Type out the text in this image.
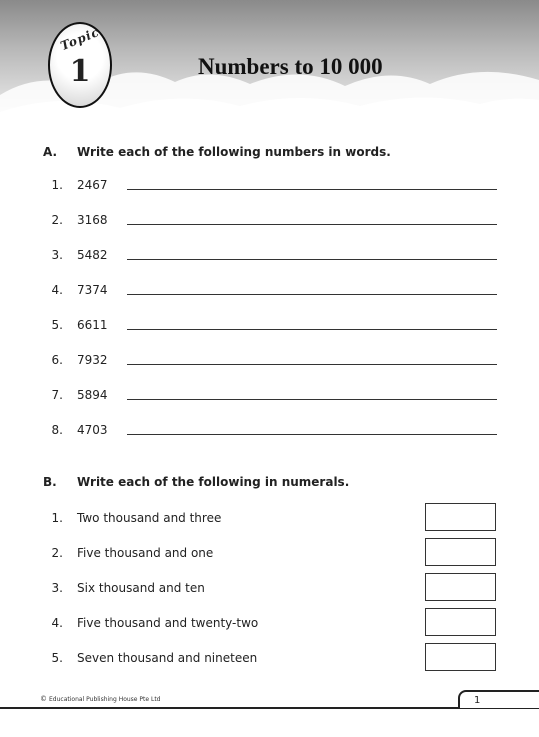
Topic
1	Numbers to 10 000
A. Write each of the following numbers in words.
1. 2467
2. 3168
3. 5482
4. 7374
5. 6611
6. 7932
7. 5894
8. 4703
B. Write each of the following in numerals.
1. Two thousand and three
2. Five thousand and one
3. Six thousand and ten
4. Five thousand and twenty-two
5. Seven thousand and nineteen
© Educational Publishing House Pte Ltd	1
